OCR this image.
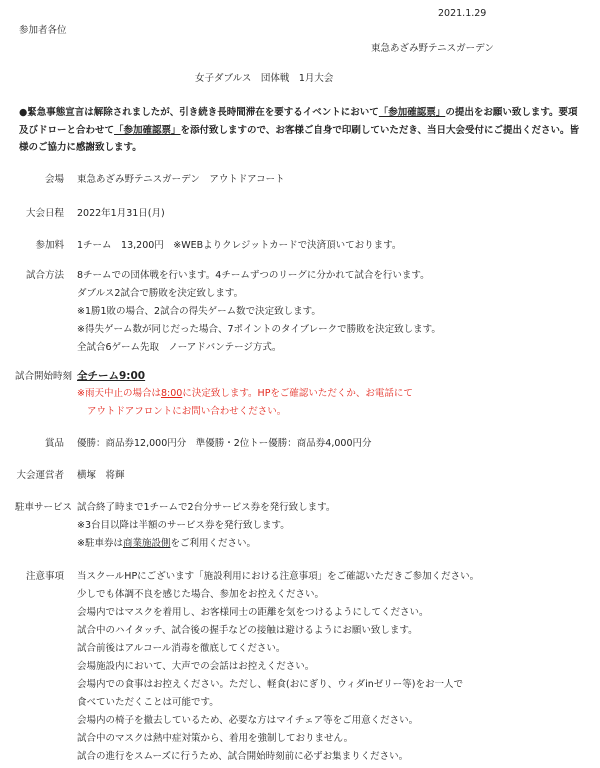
2021.1.29
参加者各位
東急あざみ野テニスガーデン
女子ダブルス　団体戦　1月大会
●緊急事態宣言は解除されましたが、引き続き長時間滞在を要するイベントにおいて「参加確認票」の提出をお願い致します。要項及びドローと合わせて「参加確認票」を添付致しますので、お客様ご自身で印刷していただき、当日大会受付にご提出ください。皆様のご協力に感謝致します。
会場 東急あざみ野テニスガーデン　アウトドアコート
大会日程 2022年1月31日(月)
参加料 1チーム　13,200円　※WEBよりクレジットカードで決済頂いております。
試合方法 8チームでの団体戦を行います。4チームずつのリーグに分かれて試合を行います。
ダブルス2試合で勝敗を決定致します。
※1勝1敗の場合、2試合の得失ゲーム数で決定致します。
※得失ゲーム数が同じだった場合、7ポイントのタイブレークで勝敗を決定致します。
全試合6ゲーム先取　ノーアドバンテージ方式。
試合開始時刻 全チーム9:00
※雨天中止の場合は8:00に決定致します。HPをご確認いただくか、お電話にて
アウトドアフロントにお問い合わせください。
賞品 優勝：商品券12,000円分　準優勝・2位トー優勝：商品券4,000円分
大会運営者 横塚　将輝
駐車サービス 試合終了時まで1チームで2台分サービス券を発行致します。
※3台目以降は半額のサービス券を発行致します。
※駐車券は商業施設側をご利用ください。
注意事項 当スクールHPにございます「施設利用における注意事項」をご確認いただきご参加ください。
少しでも体調不良を感じた場合、参加をお控えください。
会場内ではマスクを着用し、お客様同士の距離を気をつけるようにしてください。
試合中のハイタッチ、試合後の握手などの接触は避けるようにお願い致します。
試合前後はアルコール消毒を徹底してください。
会場施設内において、大声での会話はお控えください。
会場内での食事はお控えください。ただし、軽食(おにぎり、ウィダinゼリー等)をお一人で
食べていただくことは可能です。
会場内の椅子を撤去しているため、必要な方はマイチェア等をご用意ください。
試合中のマスクは熱中症対策から、着用を強制しておりません。
試合の進行をスムーズに行うため、試合開始時刻前に必ずお集まりください。
